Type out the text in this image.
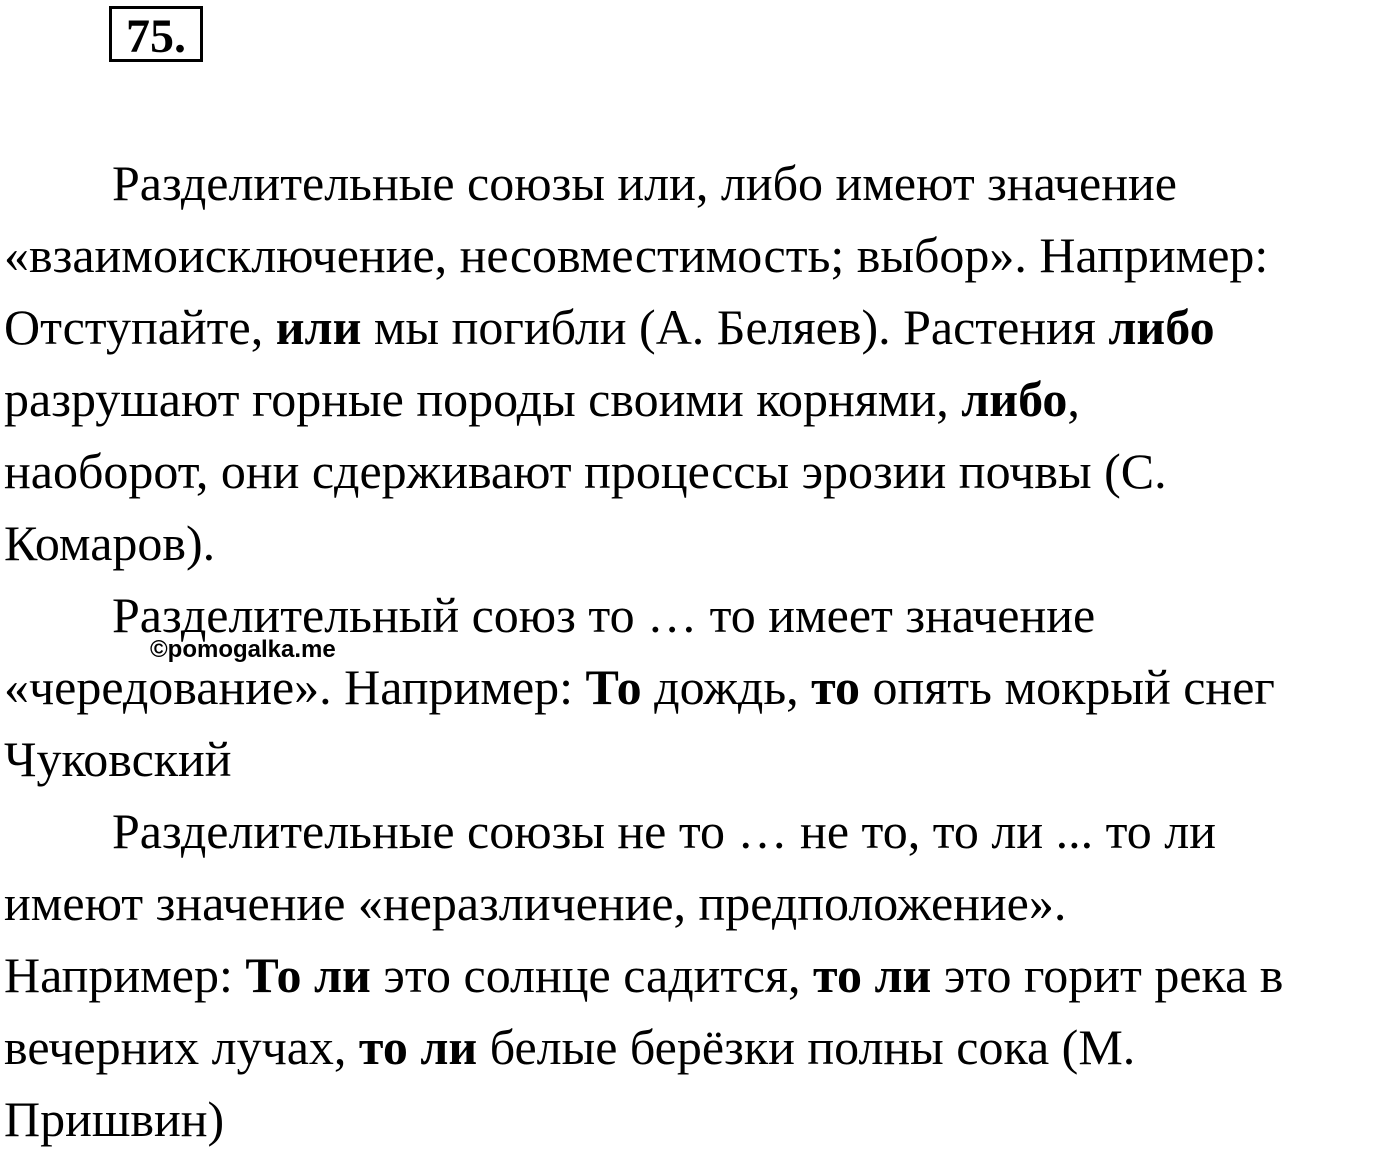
75.
Разделительные союзы или, либо имеют значение
«взаимоисключение, несовместимость; выбор». Например:
Отступайте, или мы погибли (А. Беляев). Растения либо
разрушают горные породы своими корнями, либо,
наоборот, они сдерживают процессы эрозии почвы (С.
Комаров).
Разделительный союз то … то имеет значение
«чередование». Например: То дождь, то опять мокрый снег
Чуковский
Разделительные союзы не то … не то, то ли ... то ли
имеют значение «неразличение, предположение».
Например: То ли это солнце садится, то ли это горит река в
вечерних лучах, то ли белые берёзки полны сока (М.
Пришвин)
©pomogalka.me
